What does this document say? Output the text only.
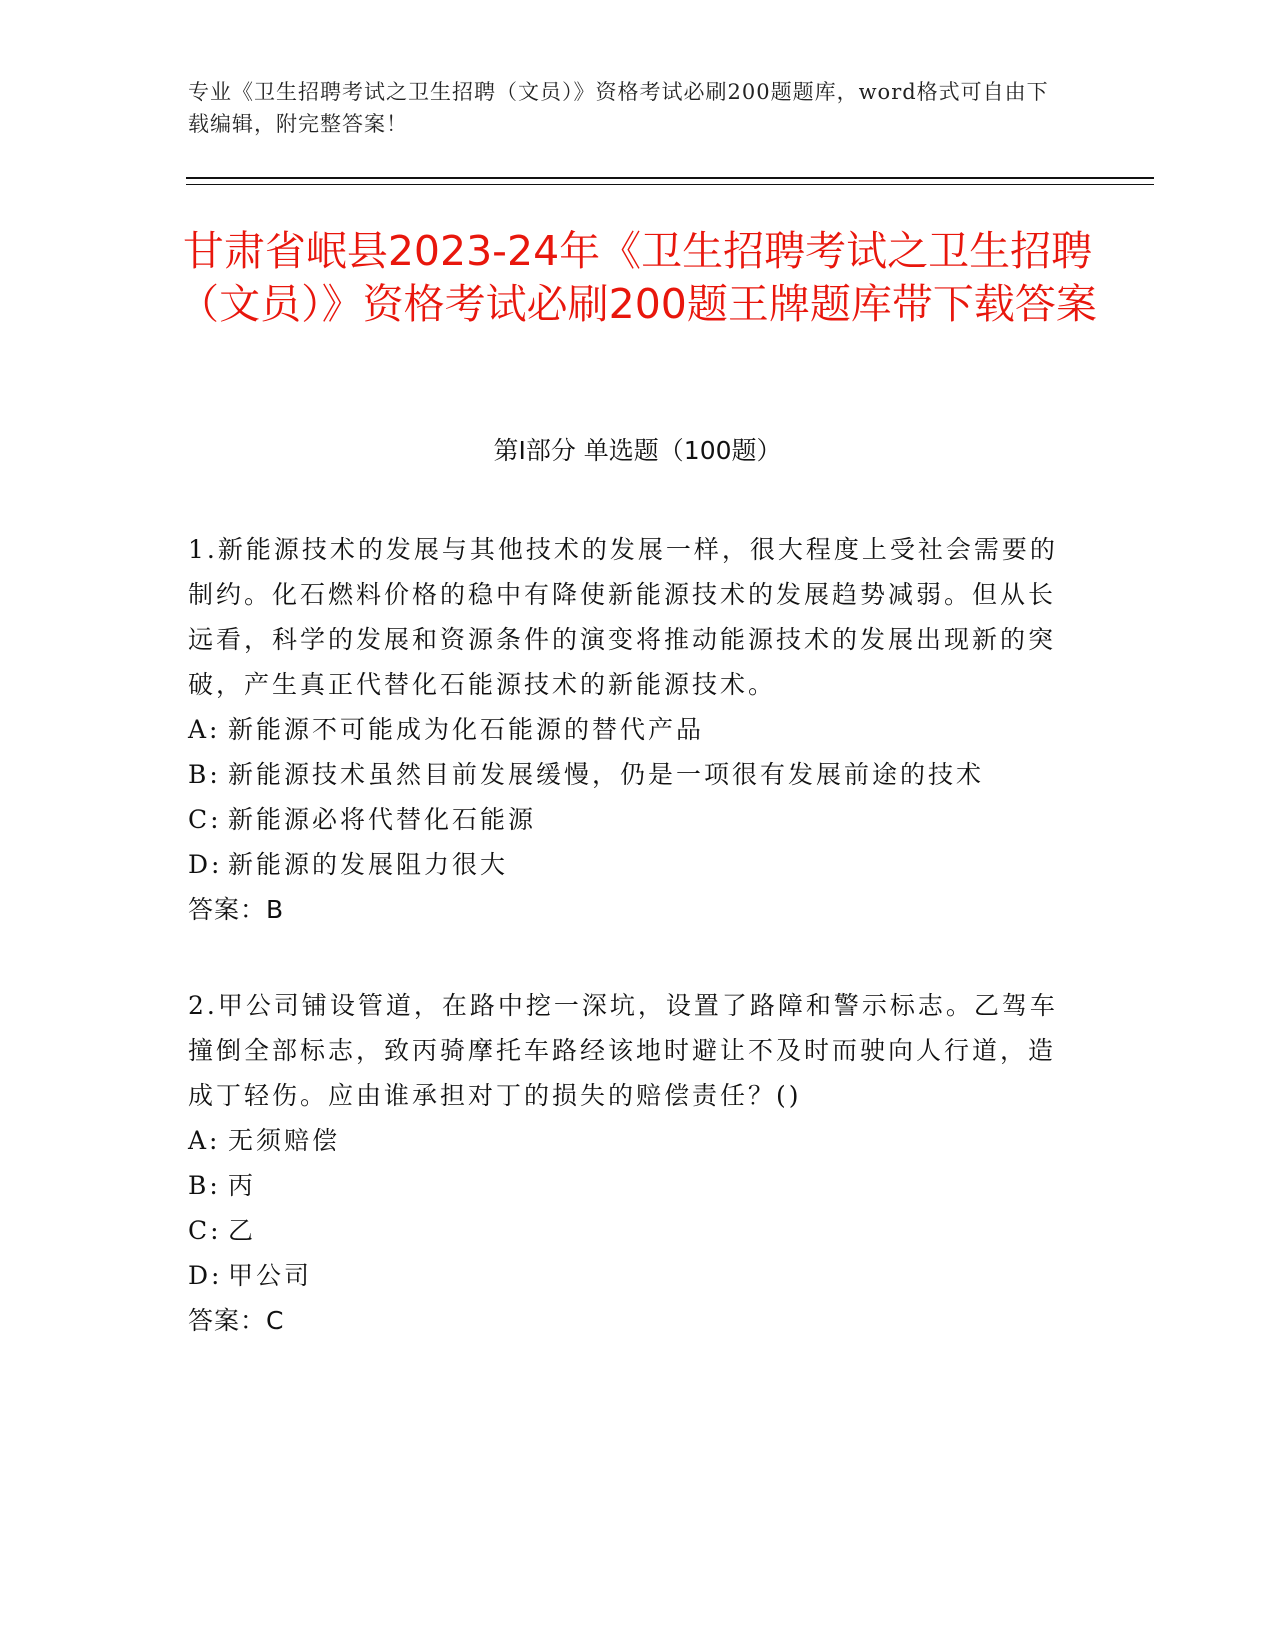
专业《卫生招聘考试之卫生招聘（文员）》资格考试必刷200题题库，word格式可自由下载编辑，附完整答案！
甘肃省岷县2023-24年《卫生招聘考试之卫生招聘（文员）》资格考试必刷200题王牌题库带下载答案
第Ⅰ部分 单选题（100题）
1.新能源技术的发展与其他技术的发展一样，很大程度上受社会需要的制约。化石燃料价格的稳中有降使新能源技术的发展趋势减弱。但从长远看，科学的发展和资源条件的演变将推动能源技术的发展出现新的突破，产生真正代替化石能源技术的新能源技术。
A: 新能源不可能成为化石能源的替代产品
B: 新能源技术虽然目前发展缓慢，仍是一项很有发展前途的技术
C: 新能源必将代替化石能源
D: 新能源的发展阻力很大
答案：B
2.甲公司铺设管道，在路中挖一深坑，设置了路障和警示标志。乙驾车撞倒全部标志，致丙骑摩托车路经该地时避让不及时而驶向人行道，造成丁轻伤。应由谁承担对丁的损失的赔偿责任？()
A: 无须赔偿
B: 丙
C: 乙
D: 甲公司
答案：C
